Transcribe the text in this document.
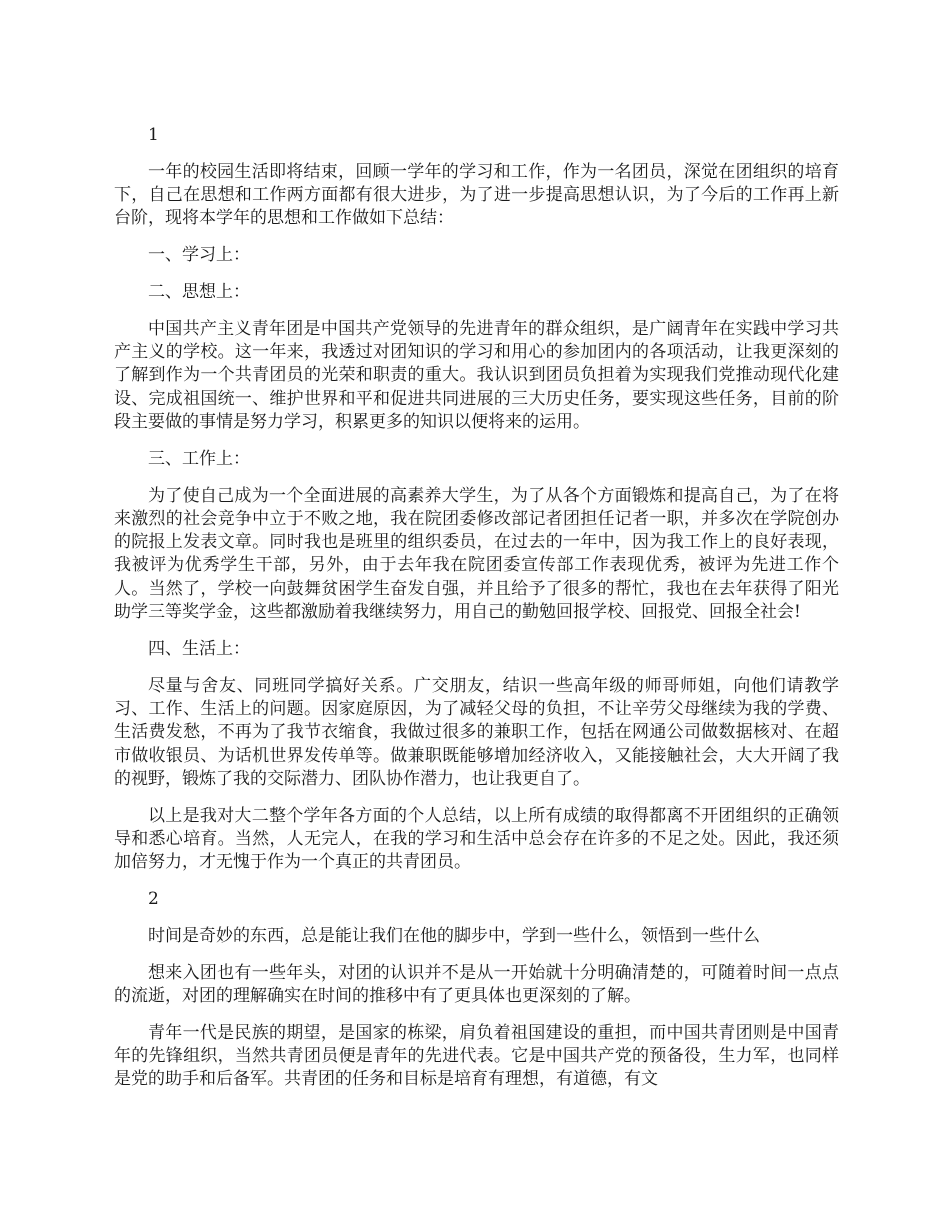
1

一年的校园生活即将结束，回顾一学年的学习和工作，作为一名团员，深觉在团组织的培育下，自己在思想和工作两方面都有很大进步，为了进一步提高思想认识，为了今后的工作再上新台阶，现将本学年的思想和工作做如下总结：

一、学习上：

二、思想上：

中国共产主义青年团是中国共产党领导的先进青年的群众组织，是广阔青年在实践中学习共产主义的学校。这一年来，我透过对团知识的学习和用心的参加团内的各项活动，让我更深刻的了解到作为一个共青团员的光荣和职责的重大。我认识到团员负担着为实现我们党推动现代化建设、完成祖国统一、维护世界和平和促进共同进展的三大历史任务，要实现这些任务，目前的阶段主要做的事情是努力学习，积累更多的知识以便将来的运用。

三、工作上：

为了使自己成为一个全面进展的高素养大学生，为了从各个方面锻炼和提高自己，为了在将来激烈的社会竞争中立于不败之地，我在院团委修改部记者团担任记者一职，并多次在学院创办的院报上发表文章。同时我也是班里的组织委员，在过去的一年中，因为我工作上的良好表现，我被评为优秀学生干部，另外，由于去年我在院团委宣传部工作表现优秀，被评为先进工作个人。当然了，学校一向鼓舞贫困学生奋发自强，并且给予了很多的帮忙，我也在去年获得了阳光助学三等奖学金，这些都激励着我继续努力，用自己的勤勉回报学校、回报党、回报全社会!

四、生活上：

尽量与舍友、同班同学搞好关系。广交朋友，结识一些高年级的师哥师姐，向他们请教学习、工作、生活上的问题。因家庭原因，为了减轻父母的负担，不让辛劳父母继续为我的学费、生活费发愁，不再为了我节衣缩食，我做过很多的兼职工作，包括在网通公司做数据核对、在超市做收银员、为话机世界发传单等。做兼职既能够增加经济收入，又能接触社会，大大开阔了我的视野，锻炼了我的交际潜力、团队协作潜力，也让我更自了。

以上是我对大二整个学年各方面的个人总结，以上所有成绩的取得都离不开团组织的正确领导和悉心培育。当然，人无完人，在我的学习和生活中总会存在许多的不足之处。因此，我还须加倍努力，才无愧于作为一个真正的共青团员。

2

时间是奇妙的东西，总是能让我们在他的脚步中，学到一些什么，领悟到一些什么

想来入团也有一些年头，对团的认识并不是从一开始就十分明确清楚的，可随着时间一点点的流逝，对团的理解确实在时间的推移中有了更具体也更深刻的了解。

青年一代是民族的期望，是国家的栋梁，肩负着祖国建设的重担，而中国共青团则是中国青年的先锋组织，当然共青团员便是青年的先进代表。它是中国共产党的预备役，生力军，也同样是党的助手和后备军。共青团的任务和目标是培育有理想，有道德，有文
